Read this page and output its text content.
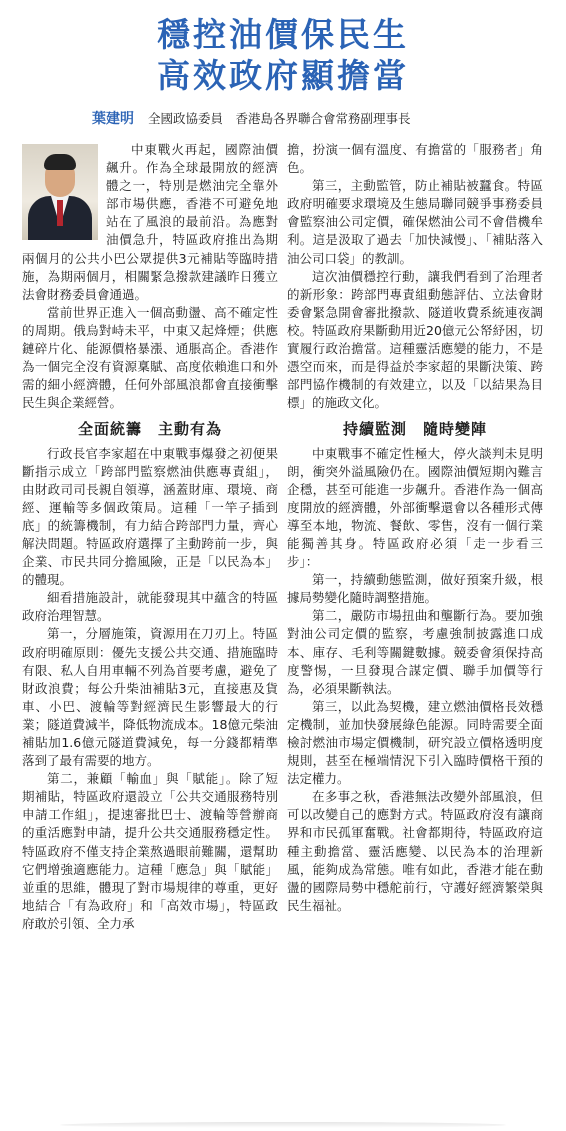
穩控油價保民生
高效政府顯擔當
葉建明 全國政協委員　香港島各界聯合會常務副理事長

中東戰火再起，國際油價飆升。作為全球最開放的經濟體之一，特別是燃油完全靠外部市場供應，香港不可避免地站在了風浪的最前沿。為應對油價急升，特區政府推出為期兩個月的公共小巴公眾提供3元補貼等臨時措施，為期兩個月，相關緊急撥款建議昨日獲立法會財務委員會通過。

當前世界正進入一個高動盪、高不確定性的周期。俄烏對峙未平，中東又起烽煙；供應鏈碎片化、能源價格暴漲、通脹高企。香港作為一個完全沒有資源稟賦、高度依賴進口和外需的細小經濟體，任何外部風浪都會直接衝擊民生與企業經營。

全面統籌　主動有為

行政長官李家超在中東戰事爆發之初便果斷指示成立「跨部門監察燃油供應專責組」，由財政司司長親自領導，涵蓋財庫、環境、商經、運輸等多個政策局。這種「一竿子插到底」的統籌機制，有力結合跨部門力量，齊心解決問題。特區政府選擇了主動跨前一步，與企業、市民共同分擔風險，正是「以民為本」的體現。

細看措施設計，就能發現其中蘊含的特區政府治理智慧。

第一，分層施策，資源用在刀刃上。特區政府明確原則：優先支援公共交通、措施臨時有限、私人自用車輛不列為首要考慮，避免了財政浪費；每公升柴油補貼3元，直接惠及貨車、小巴、渡輪等對經濟民生影響最大的行業；隧道費減半，降低物流成本。18億元柴油補貼加1.6億元隧道費減免，每一分錢都精準落到了最有需要的地方。

第二，兼顧「輸血」與「賦能」。除了短期補貼，特區政府還設立「公共交通服務特別申請工作組」，提速審批巴士、渡輪等營辦商的重活應對申請，提升公共交通服務穩定性。特區政府不僅支持企業熬過眼前難關，還幫助它們增強適應能力。這種「應急」與「賦能」並重的思維，體現了對市場規律的尊重，更好地結合「有為政府」和「高效市場」，特區政府敢於引領、全力承

擔，扮演一個有溫度、有擔當的「服務者」角色。

第三，主動監管，防止補貼被蠶食。特區政府明確要求環境及生態局聯同競爭事務委員會監察油公司定價，確保燃油公司不會借機牟利。這是汲取了過去「加快減慢」、「補貼落入油公司口袋」的教訓。

這次油價穩控行動，讓我們看到了治理者的新形象：跨部門專責組動態評估、立法會財委會緊急開會審批撥款、隧道收費系統連夜調校。特區政府果斷動用近20億元公帑紓困，切實履行政治擔當。這種靈活應變的能力，不是憑空而來，而是得益於李家超的果斷決策、跨部門協作機制的有效建立，以及「以結果為目標」的施政文化。

持續監測　隨時變陣

中東戰事不確定性極大，停火談判未見明朗，衝突外溢風險仍在。國際油價短期內難言企穩，甚至可能進一步飆升。香港作為一個高度開放的經濟體，外部衝擊還會以各種形式傳導至本地，物流、餐飲、零售，沒有一個行業能獨善其身。特區政府必須「走一步看三步」：

第一，持續動態監測，做好預案升級，根據局勢變化隨時調整措施。

第二，嚴防市場扭曲和壟斷行為。要加強對油公司定價的監察，考慮強制披露進口成本、庫存、毛利等關鍵數據。競委會須保持高度警惕，一旦發現合謀定價、聯手加價等行為，必須果斷執法。

第三，以此為契機，建立燃油價格長效穩定機制，並加快發展綠色能源。同時需要全面檢討燃油市場定價機制，研究設立價格透明度規則，甚至在極端情況下引入臨時價格干預的法定權力。

在多事之秋，香港無法改變外部風浪，但可以改變自己的應對方式。特區政府沒有讓商界和市民孤軍奮戰。社會都期待，特區政府這種主動擔當、靈活應變、以民為本的治理新風，能夠成為常態。唯有如此，香港才能在動盪的國際局勢中穩舵前行，守護好經濟繁榮與民生福祉。
